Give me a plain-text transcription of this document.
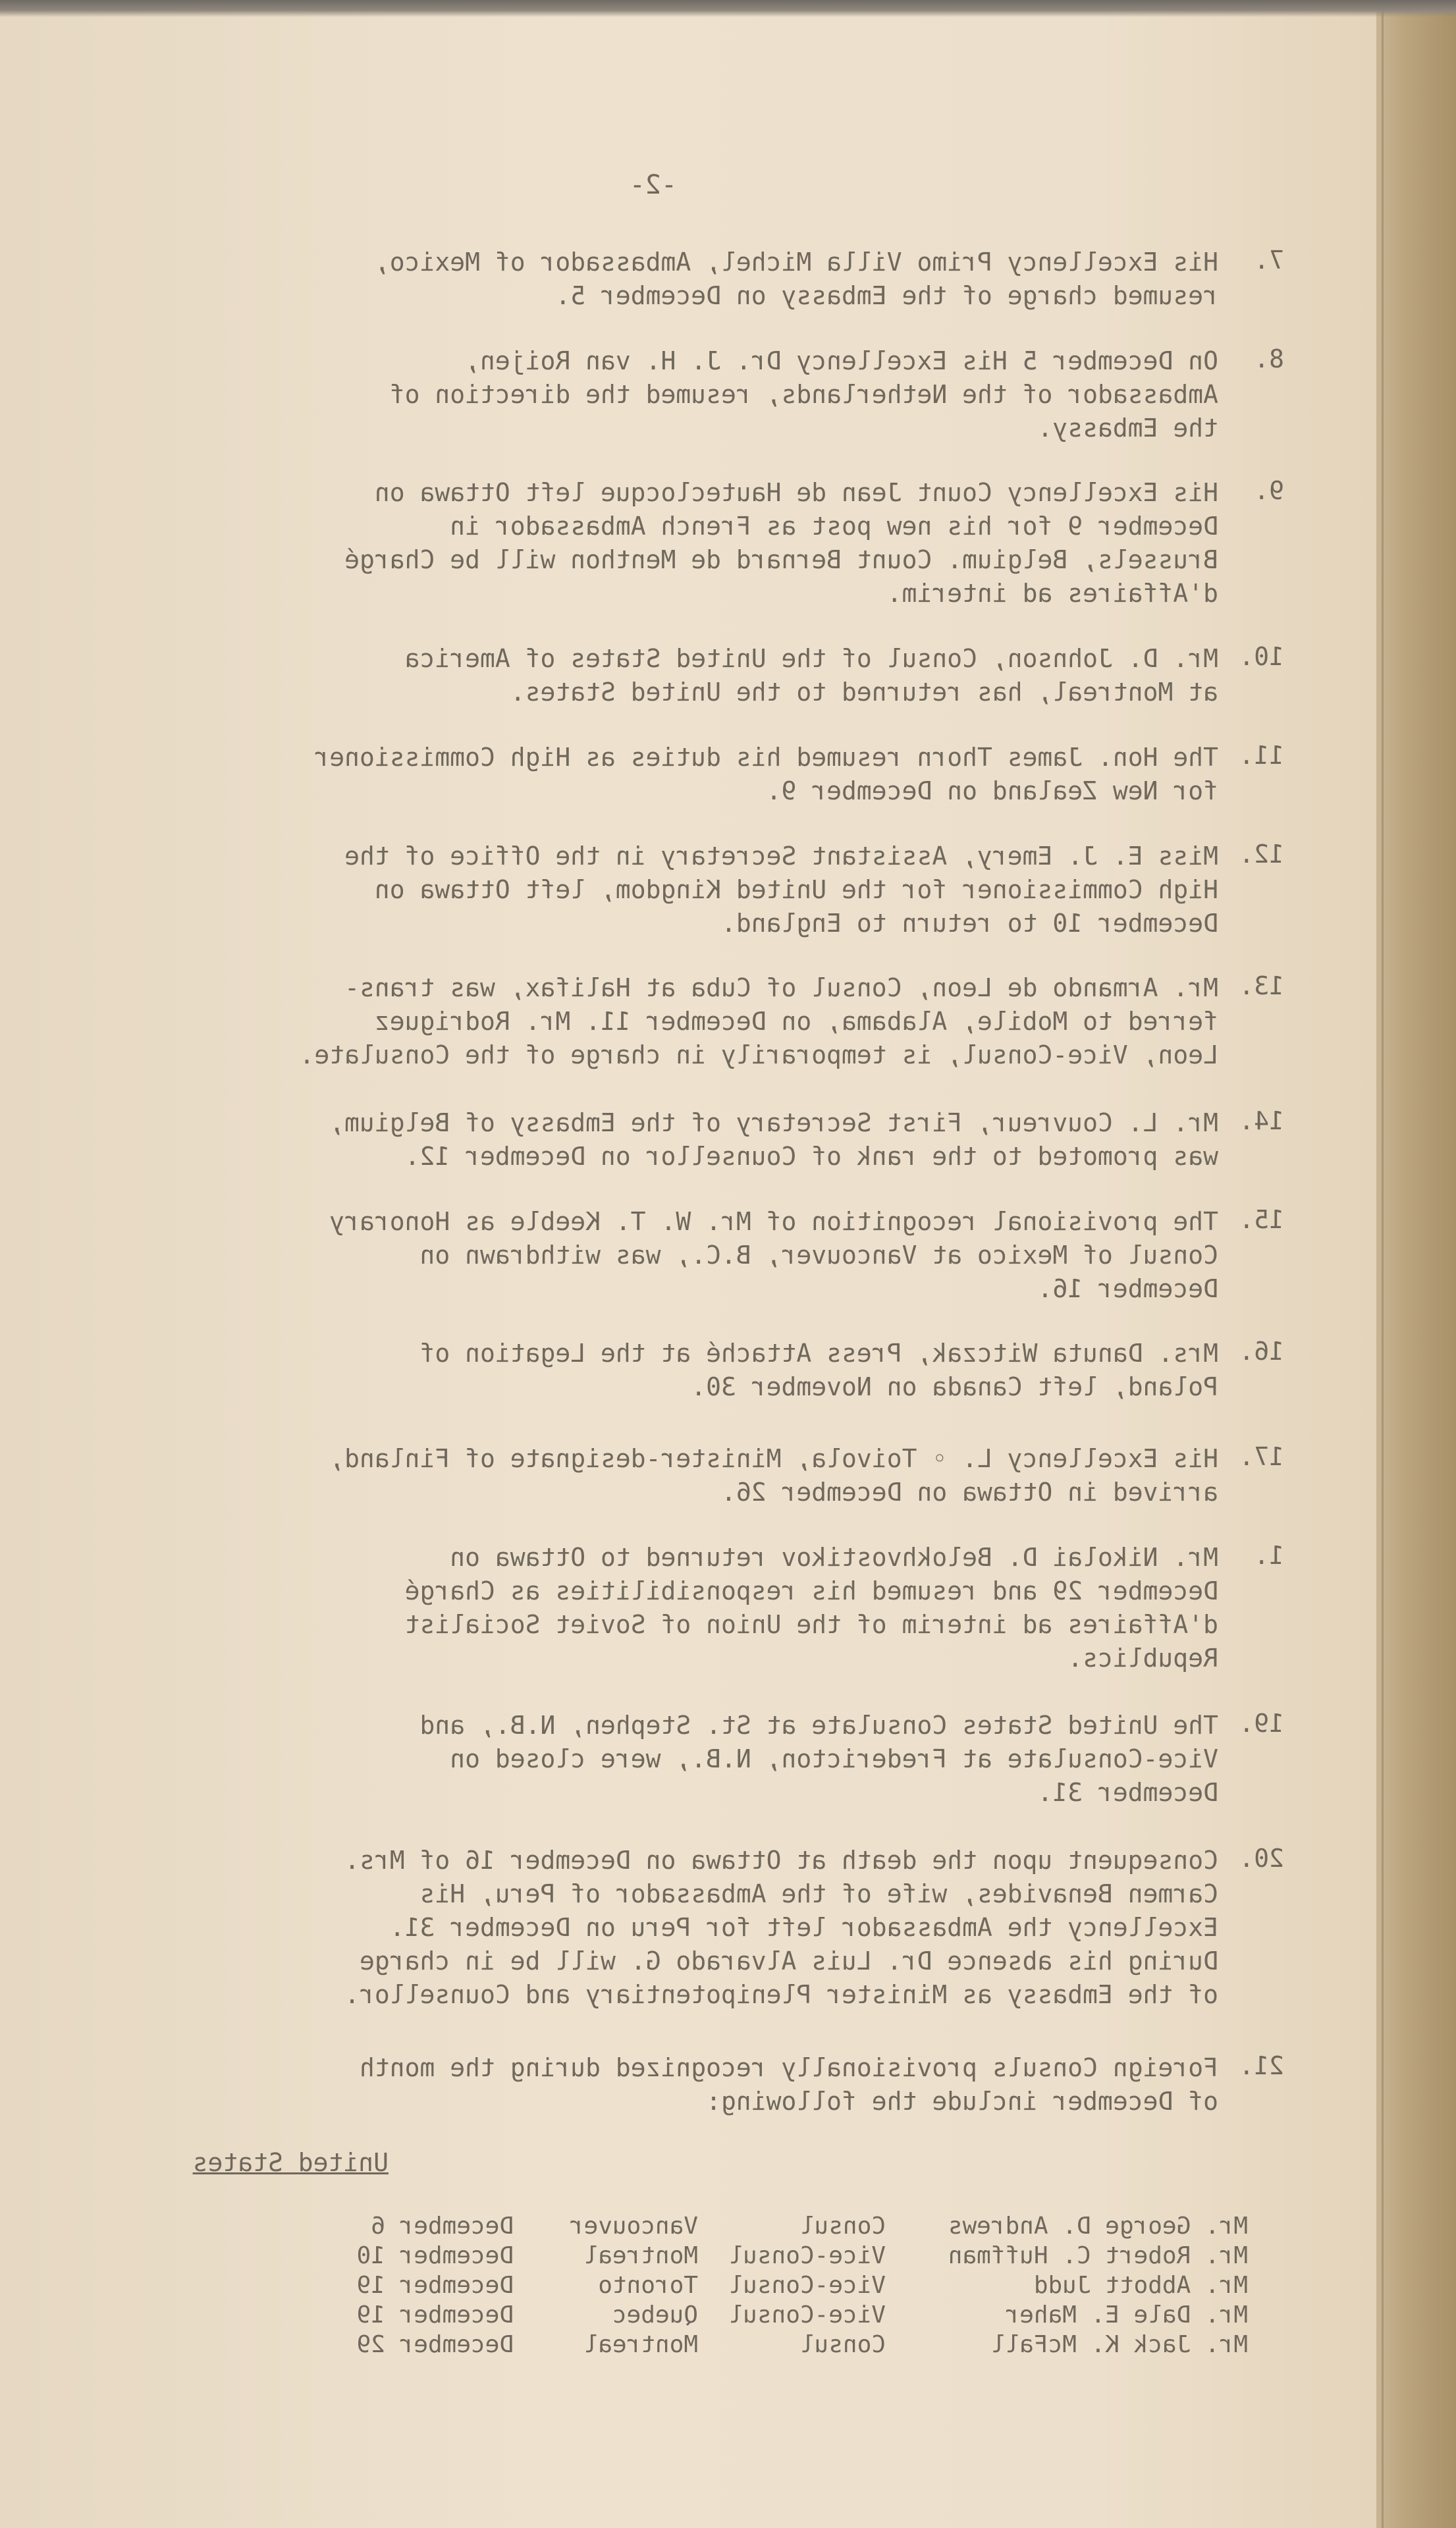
-2-
7.
His Excellency Primo Villa Michel, Ambassador of Mexico,
resumed charge of the Embassy on December 5.
8.
On December 5 His Excellency Dr. J. H. van Roijen,
Ambassador of the Netherlands, resumed the direction of
the Embassy.
9.
His Excellency Count Jean de Hauteclocque left Ottawa on
December 9 for his new post as French Ambassador in
Brussels, Belgium. Count Bernard de Menthon will be Chargé
d'Affaires ad interim.
10.
Mr. D. Johnson, Consul of the United States of America
at Montreal, has returned to the United States.
11.
The Hon. James Thorn resumed his duties as High Commissioner
for New Zealand on December 9.
12.
Miss E. J. Emery, Assistant Secretary in the Office of the
High Commissioner for the United Kingdom, left Ottawa on
December 10 to return to England.
13.
Mr. Armando de Leon, Consul of Cuba at Halifax, was trans-
ferred to Mobile, Alabama, on December 11. Mr. Rodriguez
Leon, Vice-Consul, is temporarily in charge of the Consulate.
14.
Mr. L. Couvreur, First Secretary of the Embassy of Belgium,
was promoted to the rank of Counsellor on December 12.
15.
The provisional recognition of Mr. W. T. Keeble as Honorary
Consul of Mexico at Vancouver, B.C., was withdrawn on
December 16.
16.
Mrs. Danuta Witczak, Press Attaché at the Legation of
Poland, left Canada on November 30.
17.
His Excellency L. ◦ Toivola, Minister-designate of Finland,
arrived in Ottawa on December 26.
1.
Mr. Nikolai D. Belokhvostikov returned to Ottawa on
December 29 and resumed his responsibilities as Chargé
d'Affaires ad interim of the Union of Soviet Socialist
Republics.
19.
The United States Consulate at St. Stephen, N.B., and
Vice-Consulate at Fredericton, N.B., were closed on
December 31.
20.
Consequent upon the death at Ottawa on December 16 of Mrs.
Carmen Benavides, wife of the Ambassador of Peru, His
Excellency the Ambassador left for Peru on December 31.
During his absence Dr. Luis Alvarado G. will be in charge
of the Embassy as Minister Plenipotentiary and Counsellor.
21.
Foreign Consuls provisionally recognized during the month
of December include the following:
United States
Mr. George D. Andrews
Consul
Vancouver
December 6
Mr. Robert C. Huffman
Vice-Consul
Montreal
December 10
Mr. Abbott Judd
Vice-Consul
Toronto
December 19
Mr. Dale E. Maher
Vice-Consul
Quebec
December 19
Mr. Jack K. McFall
Consul
Montreal
December 29
